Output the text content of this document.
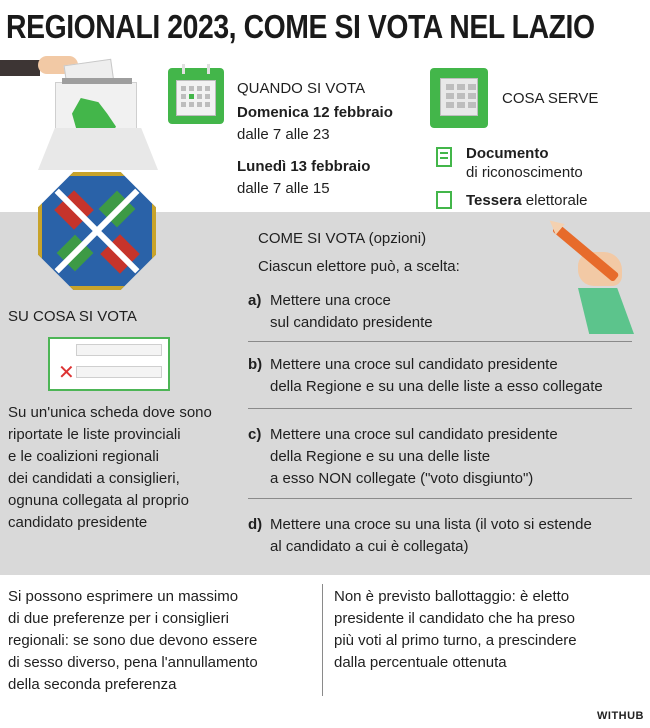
REGIONALI 2023, COME SI VOTA NEL LAZIO
QUANDO SI VOTA
Domenica 12 febbraio
dalle 7 alle 23
Lunedì 13 febbraio
dalle 7 alle 15
COSA SERVE
Documento
di riconoscimento
Tessera elettorale
SU COSA SI VOTA
✕
Su un'unica scheda dove sono
riportate le liste provinciali
e le coalizioni regionali
dei candidati a consiglieri,
ognuna collegata al proprio
candidato presidente
COME SI VOTA (opzioni)
Ciascun elettore può, a scelta:
a) Mettere una croce
sul candidato presidente
b) Mettere una croce sul candidato presidente
della Regione e su una delle liste a esso collegate
c) Mettere una croce sul candidato presidente
della Regione e su una delle liste
a esso NON collegate ("voto disgiunto")
d) Mettere una croce su una lista (il voto si estende
al candidato a cui è collegata)
Si possono esprimere un massimo
di due preferenze per i consiglieri
regionali: se sono due devono essere
di sesso diverso, pena l'annullamento
della seconda preferenza
Non è previsto ballottaggio: è eletto
presidente il candidato che ha preso
più voti al primo turno, a prescindere
dalla percentuale ottenuta
WITHUB
